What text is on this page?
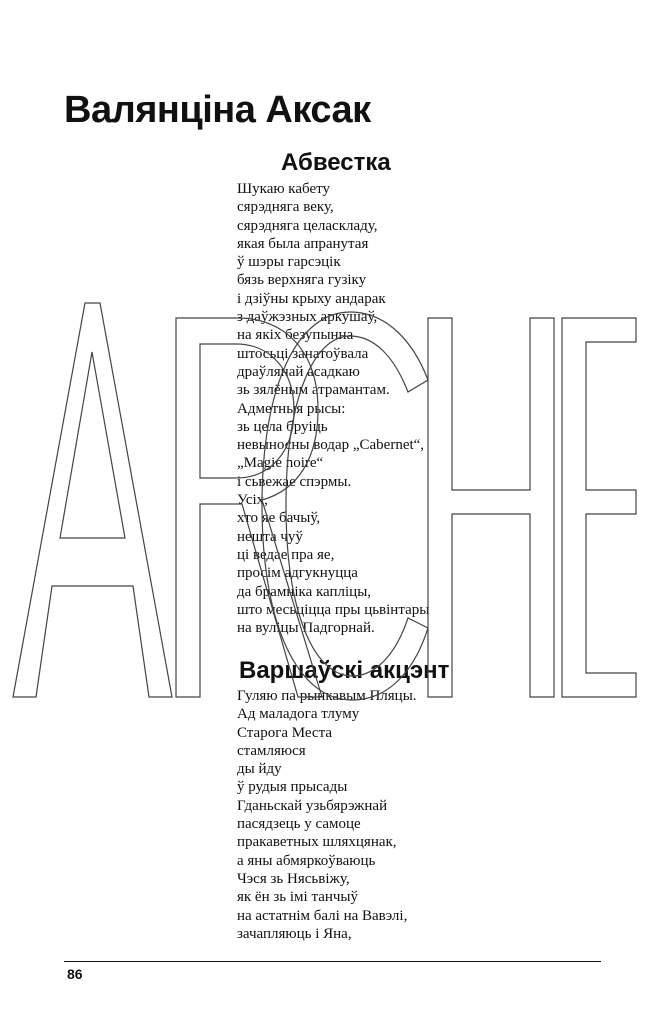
Валянціна Аксак
Абвестка
Шукаю кабету
сярэдняга веку,
сярэдняга целаскладу,
якая была апранутая
ў шэры гарсэцік
бязь верхняга гузіку
і дзіўны крыху андарак
з даўжэзных аркушаў,
на якіх безупынна
штосьці занатоўвала
драўлянай асадкаю
зь зялёным атрамантам.
Адметныя рысы:
зь цела бруіць
невыносны водар „Cabernet“,
„Magie noire“
і сьвежае спэрмы.
Усіх,
хто яе бачыў,
нешта чуў
ці ведае пра яе,
просім адгукнуцца
да брамніка капліцы,
што месьціцца пры цьвінтары
на вуліцы Падгорнай.
Варшаўскі акцэнт
Гуляю па рынкавым Пляцы.
Ад маладога тлуму
Старога Места
стамляюся
ды йду
ў рудыя прысады
Гданьскай узьбярэжнай
пасядзець у самоце
пракаветных шляхцянак,
а яны абмяркоўваюць
Чэся зь Нясьвіжу,
як ён зь імі танчыў
на астатнім балі на Вавэлі,
зачапляюць і Яна,
86
